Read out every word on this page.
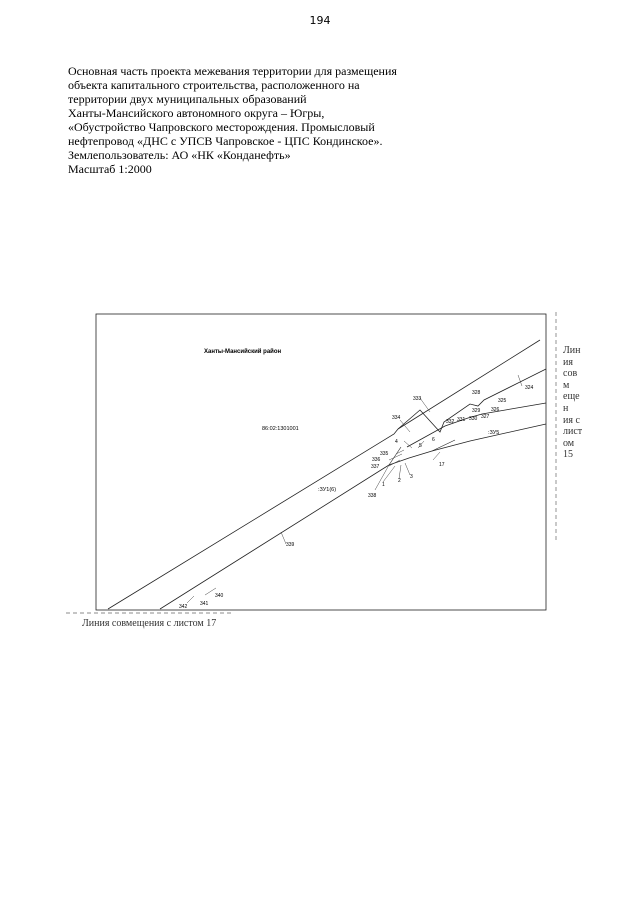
194
Основная часть проекта межевания территории для размещения
объекта капитального строительства, расположенного на
территории двух муниципальных образований
Ханты-Мансийского автономного округа – Югры,
«Обустройство Чапровского месторождения. Промысловый
нефтепровод «ДНС с УПСВ Чапровское - ЦПС Кондинское».
Землепользователь: АО «НК «Конданефть»
Масштаб 1:2000
Ханты-Мансийский район
86:02:1301001
:ЗУ1(6)
:ЗУ5
1
2
3
4
5
6
17
324
325
326
327
328
329
330
331
332
333
334
335
336
337
338
339
340
341
342
Лин
ия
совм
ещен
ия с
лист
ом
15
Линия совмещения с листом 17
